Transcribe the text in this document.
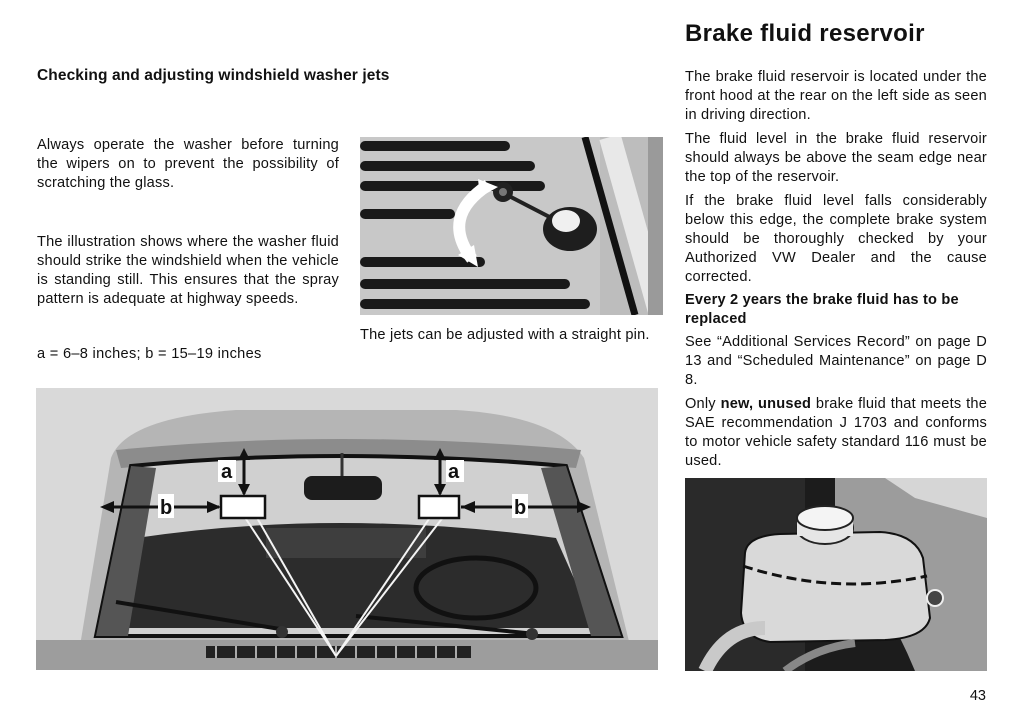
Checking and adjusting windshield washer jets
Always operate the washer before turning the wipers on to prevent the possibility of scratching the glass.
The illustration shows where the washer fluid should strike the windshield when the vehicle is standing still. This ensures that the spray pattern is adequate at highway speeds.
a = 6–8 inches; b = 15–19 inches
The jets can be adjusted with a straight pin.
a	a
b	b
Brake fluid reservoir
The brake fluid reservoir is located under the front hood at the rear on the left side as seen in driving direction.
The fluid level in the brake fluid reservoir should always be above the seam edge near the top of the reservoir.
If the brake fluid level falls considerably below this edge, the complete brake system should be thoroughly checked by your Authorized VW Dealer and the cause corrected.
Every 2 years the brake fluid has to be replaced
See “Additional Services Record” on page D 13 and “Scheduled Maintenance” on page D 8.
Only new, unused brake fluid that meets the SAE recommendation J 1703 and conforms to motor vehicle safety standard 116 must be used.
43
